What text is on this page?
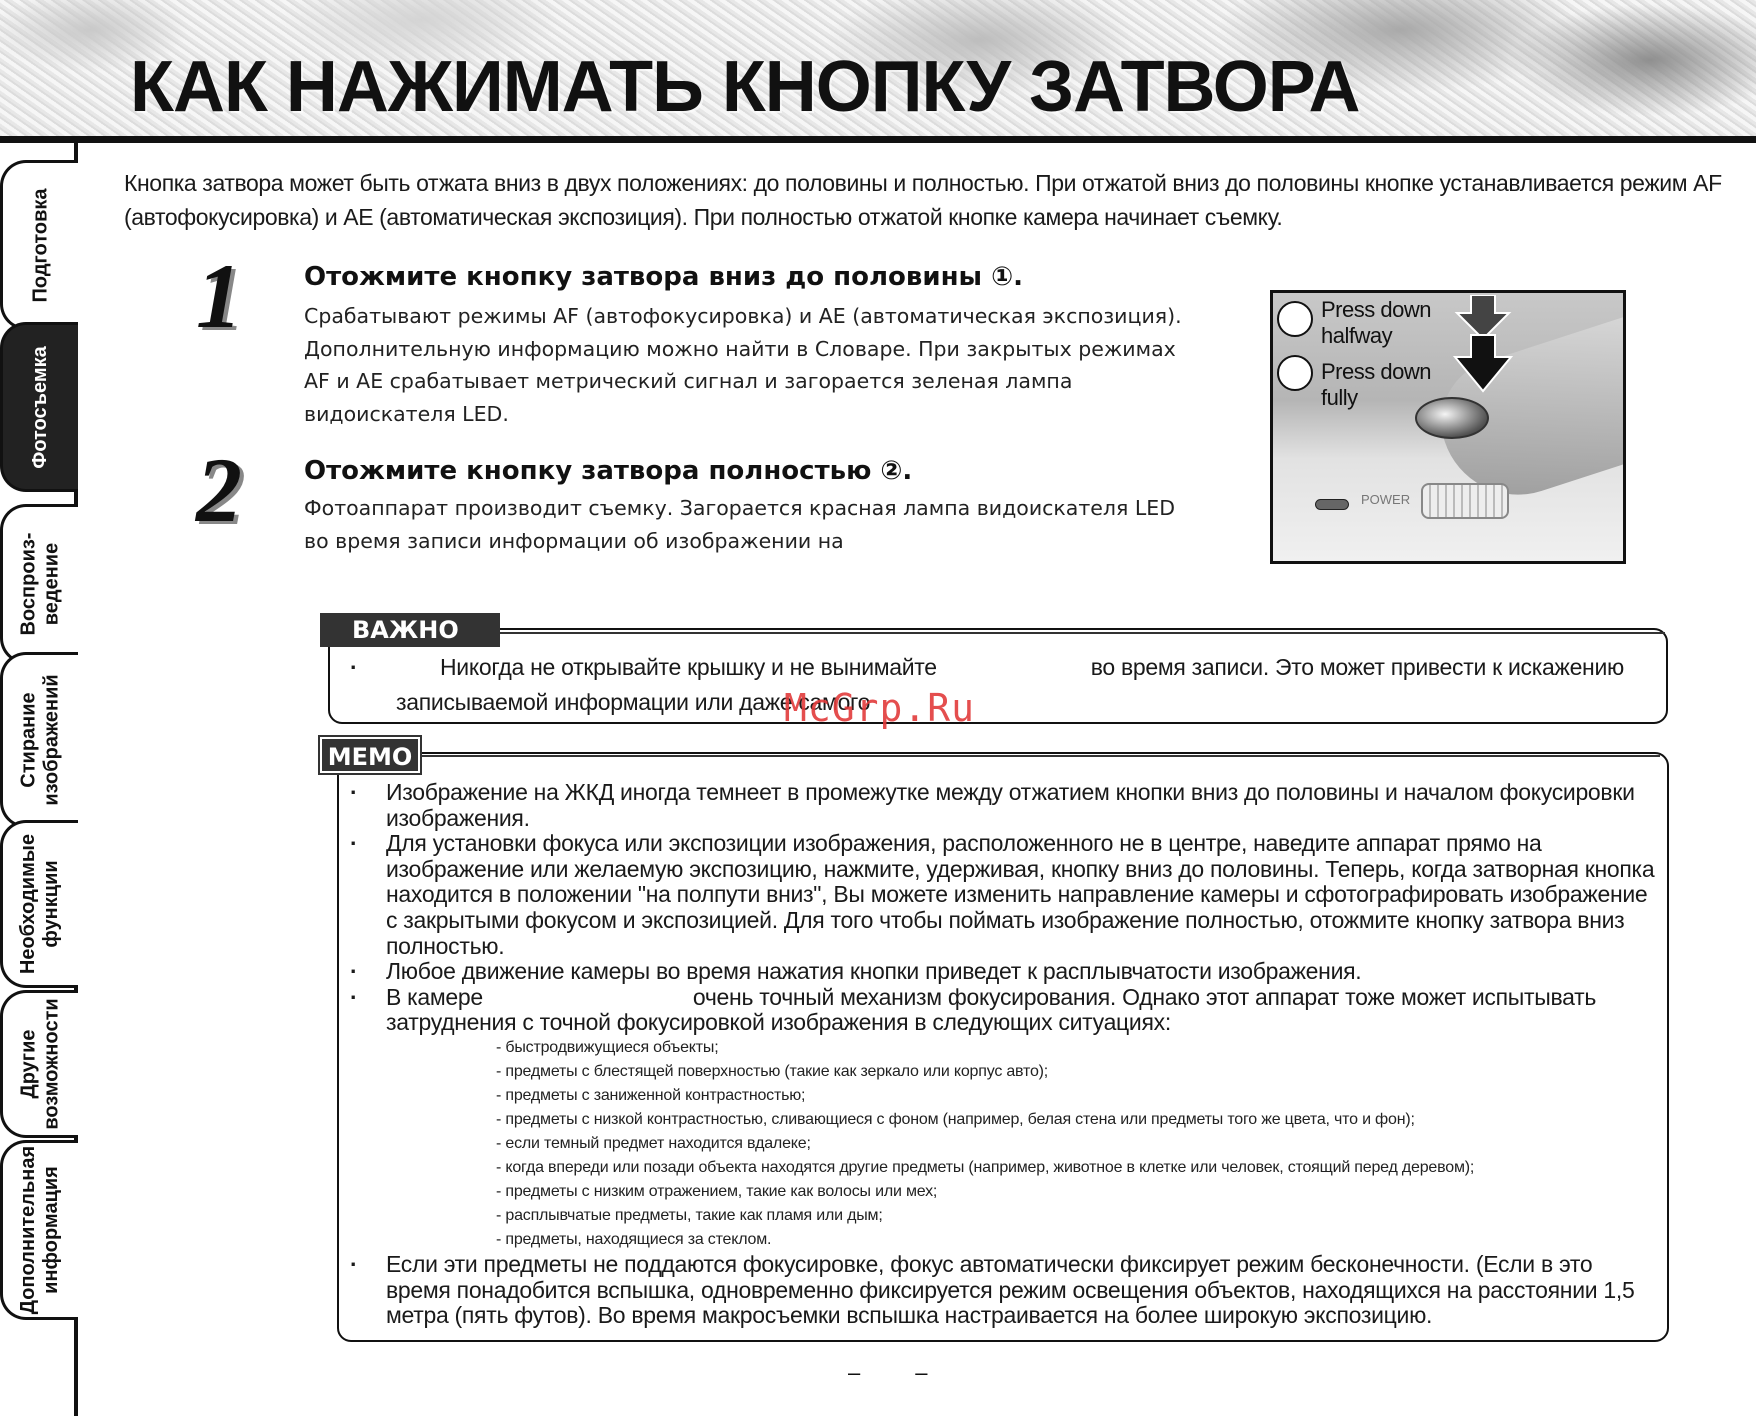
КАК НАЖИМАТЬ КНОПКУ ЗАТВОРА
Подготовка
Фотосъемка
Воспроиз-
ведение
Стирание
изображений
Необходимые
функции
Другие
возможности
Дополнительная
информация

Кнопка затвора может быть отжата вниз в двух положениях: до половины и полностью. При отжатой вниз до половины кнопке устанавливается режим AF (автофокусировка) и AE (автоматическая экспозиция). При полностью отжатой кнопке камера начинает съемку.

1 Отожмите кнопку затвора вниз до половины ①.

Срабатывают режимы AF (автофокусировка) и AE (автоматическая экспозиция). Дополнительную информацию можно найти в Словаре. При закрытых режимах AF и AE срабатывает метрический сигнал и загорается зеленая лампа видоискателя LED.

2 Отожмите кнопку затвора полностью ②.

Фотоаппарат производит съемку. Загорается красная лампа видоискателя LED во время записи информации об изображении на

POWER
Press down
halfway
Press down
fully
ВАЖНО
·	Никогда не открывайте крышку и не вынимайте	во время записи. Это может привести к искажению
записываемой информации или даже самого
MEMO
·	Изображение на ЖКД иногда темнеет в промежутке между отжатием кнопки вниз до половины и началом фокусировки изображения.
·	Для установки фокуса или экспозиции изображения, расположенного не в центре, наведите аппарат прямо на изображение или желаемую экспозицию, нажмите, удерживая, кнопку вниз до половины. Теперь, когда затворная кнопка находится в положении "на полпути вниз", Вы можете изменить направление камеры и сфотографировать изображение с закрытыми фокусом и экспозицией. Для того чтобы поймать изображение полностью, отожмите кнопку затвора вниз полностью.
·	Любое движение камеры во время нажатия кнопки приведет к расплывчатости изображения.
·	В камере	очень точный механизм фокусирования. Однако этот аппарат тоже может испытывать затруднения с точной фокусировкой изображения в следующих ситуациях:
- быстродвижущиеся объекты;
- предметы с блестящей поверхностью (такие как зеркало или корпус авто);
- предметы с заниженной контрастностью;
- предметы с низкой контрастностью, сливающиеся с фоном (например, белая стена или предметы того же цвета, что и фон);
- если темный предмет находится вдалеке;
- когда впереди или позади объекта находятся другие предметы (например, животное в клетке или человек, стоящий перед деревом);
- предметы с низким отражением, такие как волосы или мех;
- расплывчатые предметы, такие как пламя или дым;
- предметы, находящиеся за стеклом.
·	Если эти предметы не поддаются фокусировке, фокус автоматически фиксирует режим бесконечности. (Если в это время понадобится вспышка, одновременно фиксируется режим освещения объектов, находящихся на расстоянии 1,5 метра (пять футов). Во время макросъемки вспышка настраивается на более широкую экспозицию.
McGrp.Ru
–         –
